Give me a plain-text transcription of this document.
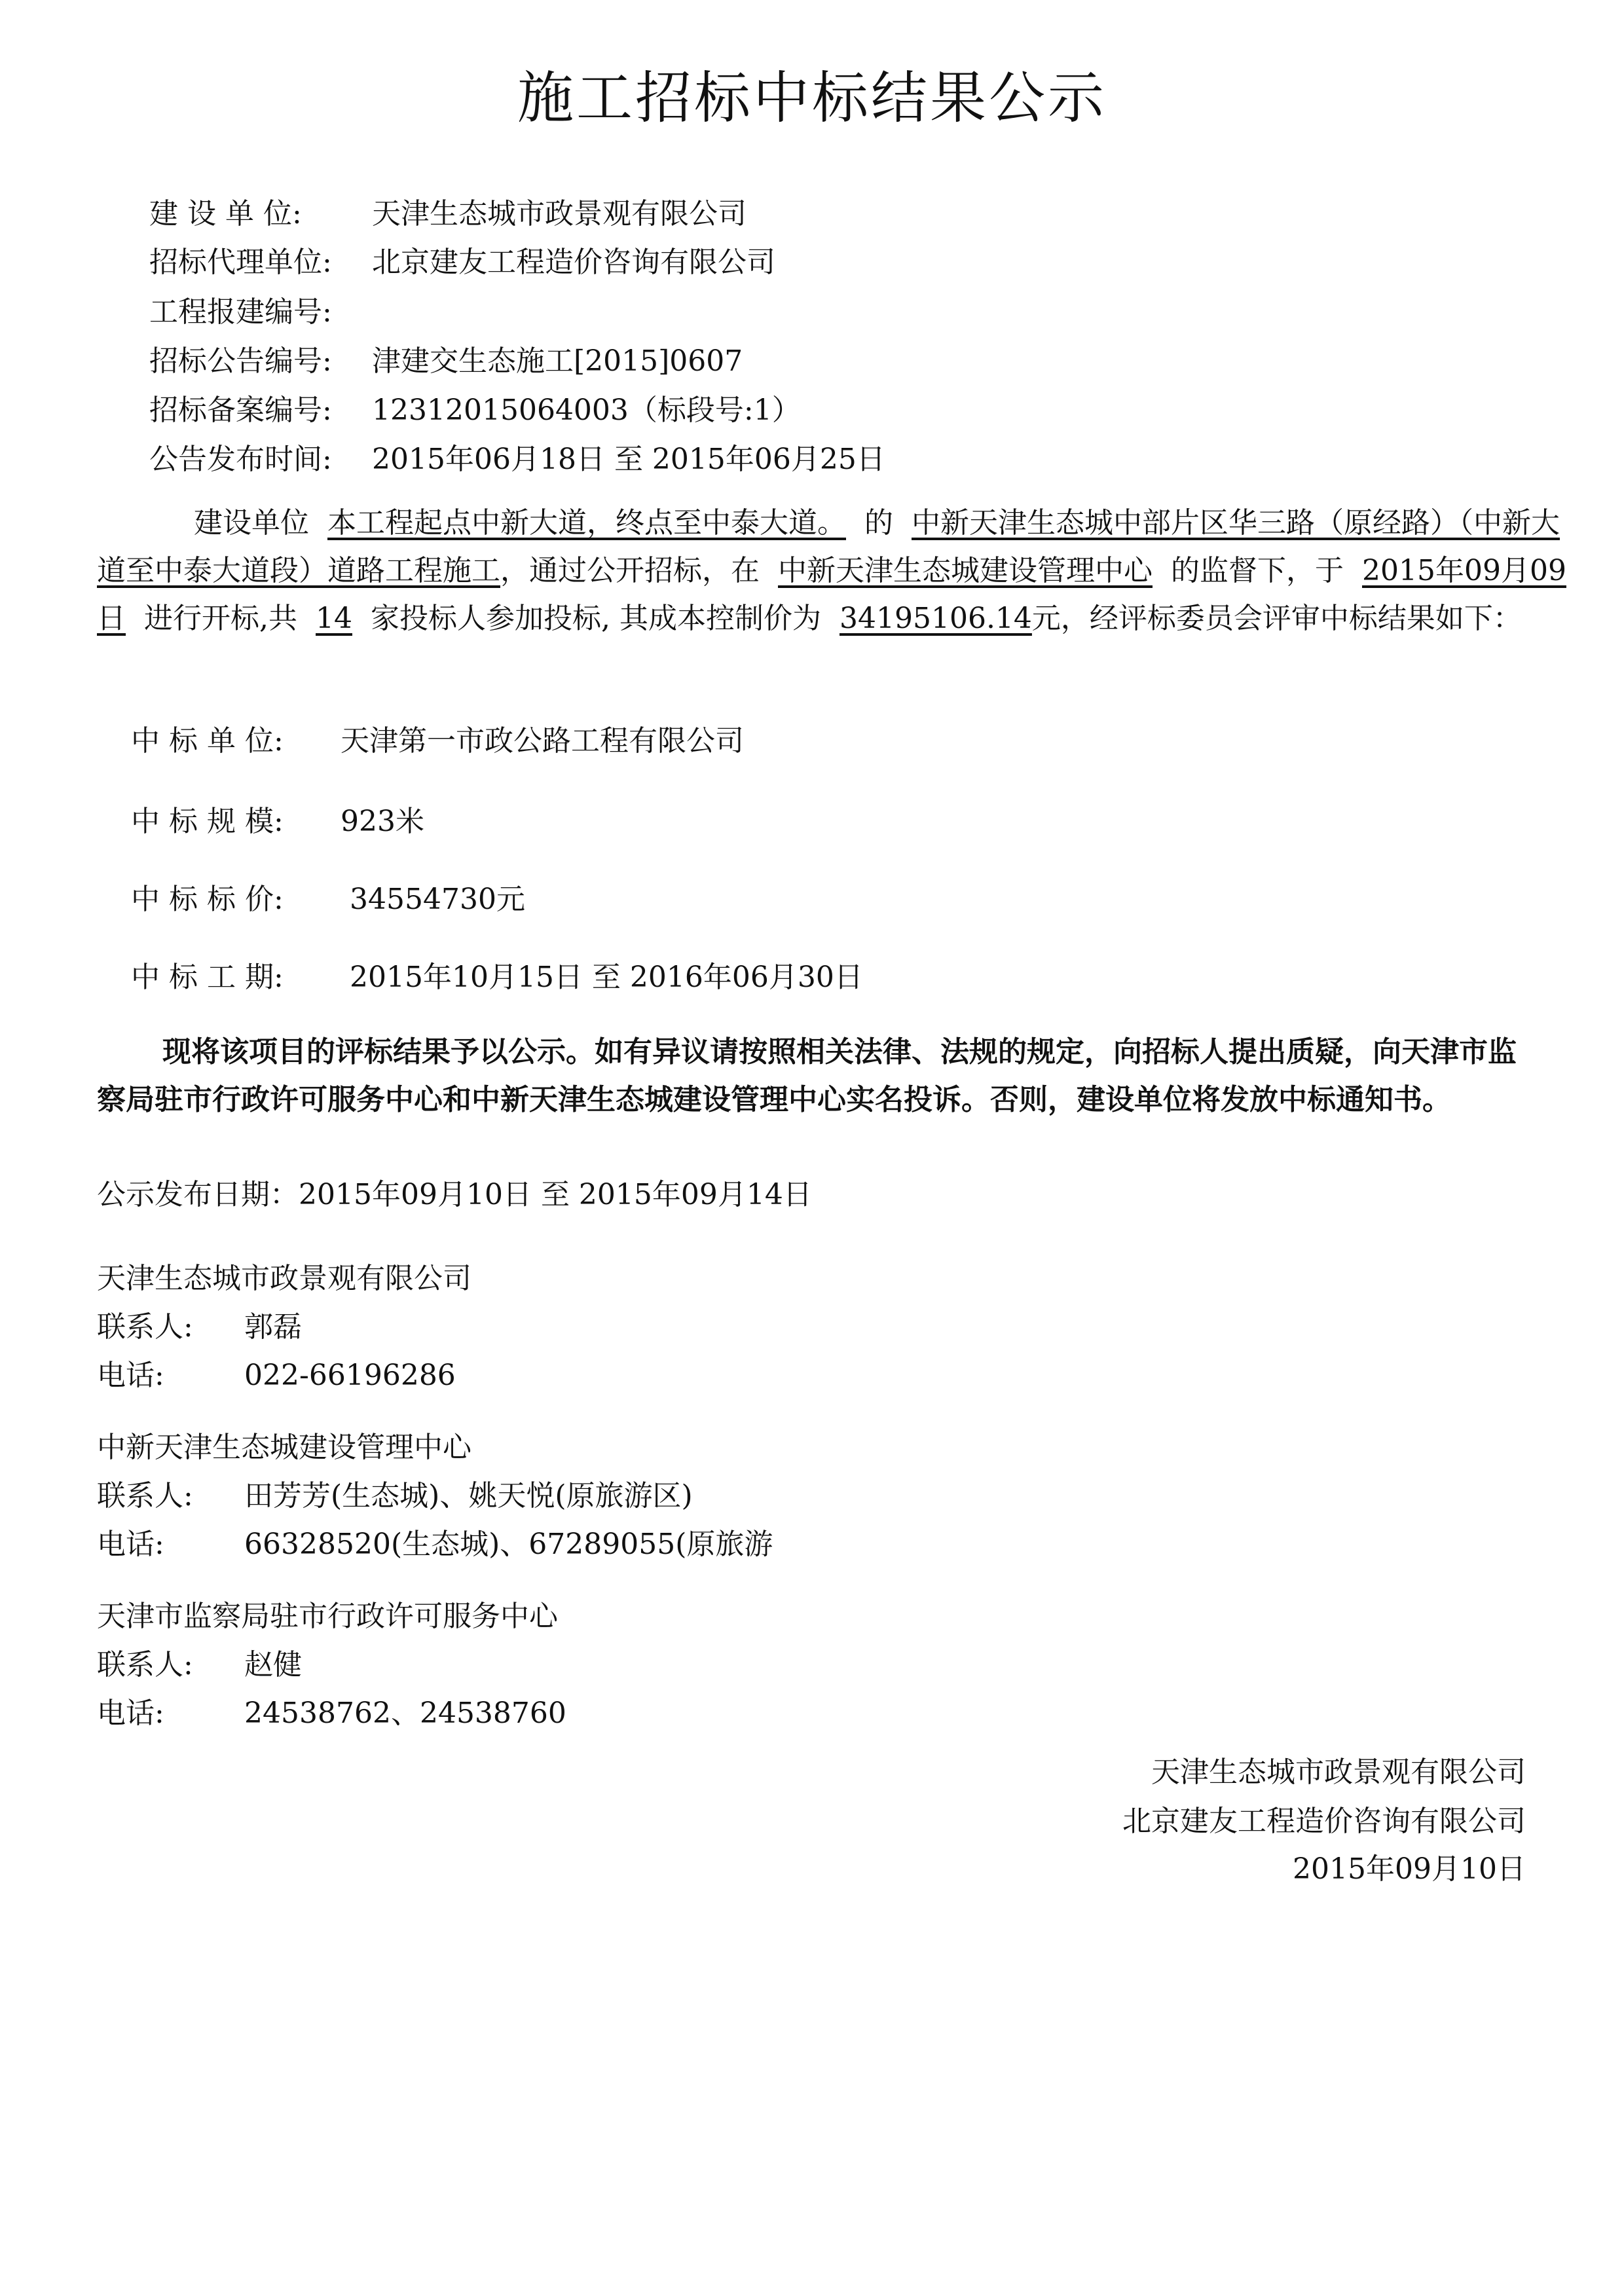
施工招标中标结果公示
建 设 单 位: 天津生态城市政景观有限公司
招标代理单位: 北京建友工程造价咨询有限公司
工程报建编号:
招标公告编号: 津建交生态施工[2015]0607
招标备案编号: 12312015064003（标段号:1）
公告发布时间: 2015年06月18日 至 2015年06月25日
建设单位 本工程起点中新大道，终点至中泰大道。 的 中新天津生态城中部片区华三路（原经路）（中新大道至中泰大道段）道路工程施工，通过公开招标，在 中新天津生态城建设管理中心 的监督下，于 2015年09月09日 进行开标,共 14 家投标人参加投标, 其成本控制价为 34195106.14元，经评标委员会评审中标结果如下：
中 标 单 位: 天津第一市政公路工程有限公司
中 标 规 模: 923米
中 标 标 价: 34554730元
中 标 工 期: 2015年10月15日 至 2016年06月30日
现将该项目的评标结果予以公示。如有异议请按照相关法律、法规的规定，向招标人提出质疑，向天津市监察局驻市行政许可服务中心和中新天津生态城建设管理中心实名投诉。否则，建设单位将发放中标通知书。
公示发布日期：2015年09月10日 至 2015年09月14日
天津生态城市政景观有限公司
联系人: 郭磊
电话:	022-66196286
中新天津生态城建设管理中心
联系人: 田芳芳(生态城)、姚天悦(原旅游区)
电话:	66328520(生态城)、67289055(原旅游
天津市监察局驻市行政许可服务中心
联系人: 赵健
电话:	24538762、24538760
天津生态城市政景观有限公司
北京建友工程造价咨询有限公司
2015年09月10日
